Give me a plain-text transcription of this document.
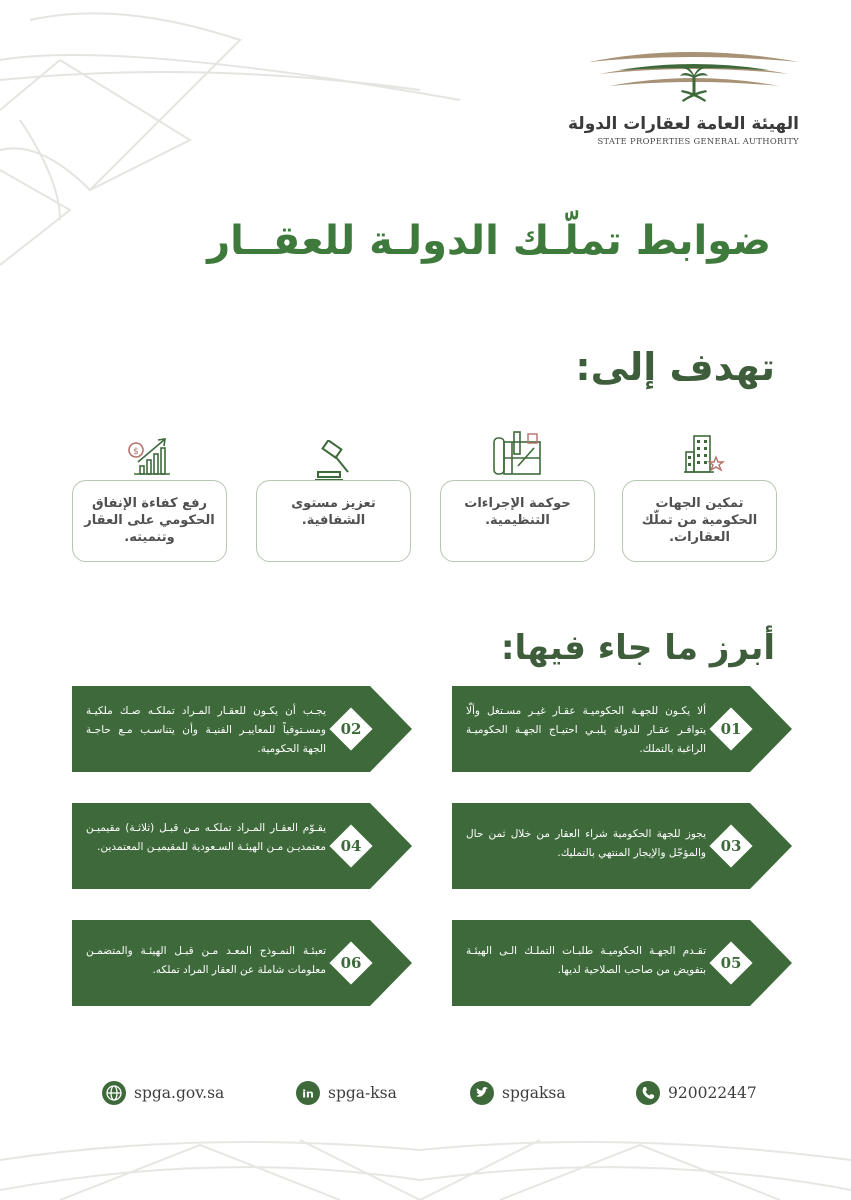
الهيئة العامة لعقارات الدولة
STATE PROPERTIES GENERAL AUTHORITY
ضوابط تملّـك الدولـة للعقــار
تهدف إلى:
$
تمكين الجهات الحكومية من تملّك العقارات.
حوكمة الإجراءات التنظيمية.
تعزيز مستوى الشفافية.
رفع كفاءة الإنفاق الحكومي على العقار وتنميته.
أبرز ما جاء فيها:
01
ألا يكـون للجهـة الحكوميـة عقـار غيـر مسـتغل وألّا يتوافـر عقـار للدولة يلبـي احتيـاج الجهـة الحكوميـة الراغبة بالتملك.
02
يجـب أن يكـون للعقـار المـراد تملكـه صـك ملكيـة ومسـتوفياً للمعاييـر الفنيـة وأن يتناسـب مـع حاجـة الجهة الحكومية.
03
يجوز للجهة الحكومية شراء العقار من خلال ثمن حال والمؤجّل والإيجار المنتهي بالتمليك.
04
يقـوّم العقـار المـراد تملكـه مـن قبـل (ثلاثـة) مقيميـن معتمديـن مـن الهيئـة السـعودية للمقيميـن المعتمدين.
05
تقـدم الجهـة الحكوميـة طلبـات التملـك الـى الهيئـة بتفويض من صاحب الصلاحية لديها.
06
تعبئـة النمـوذج المعـد مـن قبـل الهيئـة والمتضمـن معلومات شاملة عن العقار المراد تملكه.
spga.gov.sa	in spga-ksa	spgaksa	920022447
